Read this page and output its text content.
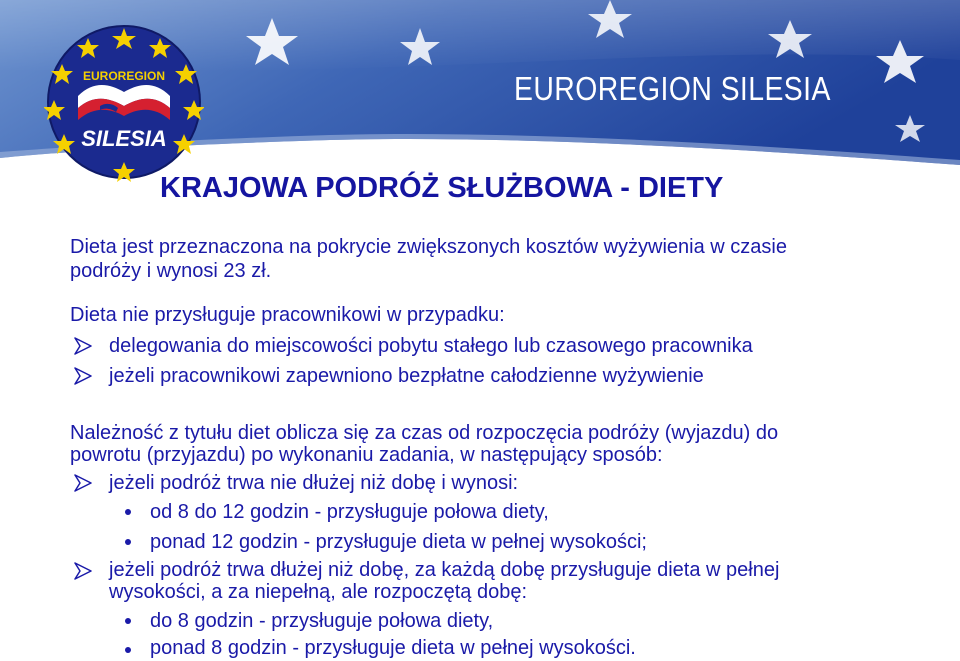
EUROREGION SILESIA
EUROREGION
SILESIA
KRAJOWA PODRÓŻ SŁUŻBOWA - DIETY
Dieta jest przeznaczona na pokrycie zwiększonych kosztów wyżywienia w czasie
podróży i wynosi 23 zł.
Dieta nie przysługuje pracownikowi w przypadku:
delegowania do miejscowości pobytu stałego lub czasowego pracownika
jeżeli pracownikowi zapewniono bezpłatne całodzienne wyżywienie
Należność z tytułu diet oblicza się za czas od rozpoczęcia podróży (wyjazdu) do
powrotu (przyjazdu) po wykonaniu zadania, w następujący sposób:
jeżeli podróż trwa nie dłużej niż dobę i wynosi:
od 8 do 12 godzin - przysługuje połowa diety,
ponad 12 godzin - przysługuje dieta w pełnej wysokości;
jeżeli podróż trwa dłużej niż dobę, za każdą dobę przysługuje dieta w pełnej
wysokości, a za niepełną, ale rozpoczętą dobę:
do 8 godzin - przysługuje połowa diety,
ponad 8 godzin - przysługuje dieta w pełnej wysokości.
